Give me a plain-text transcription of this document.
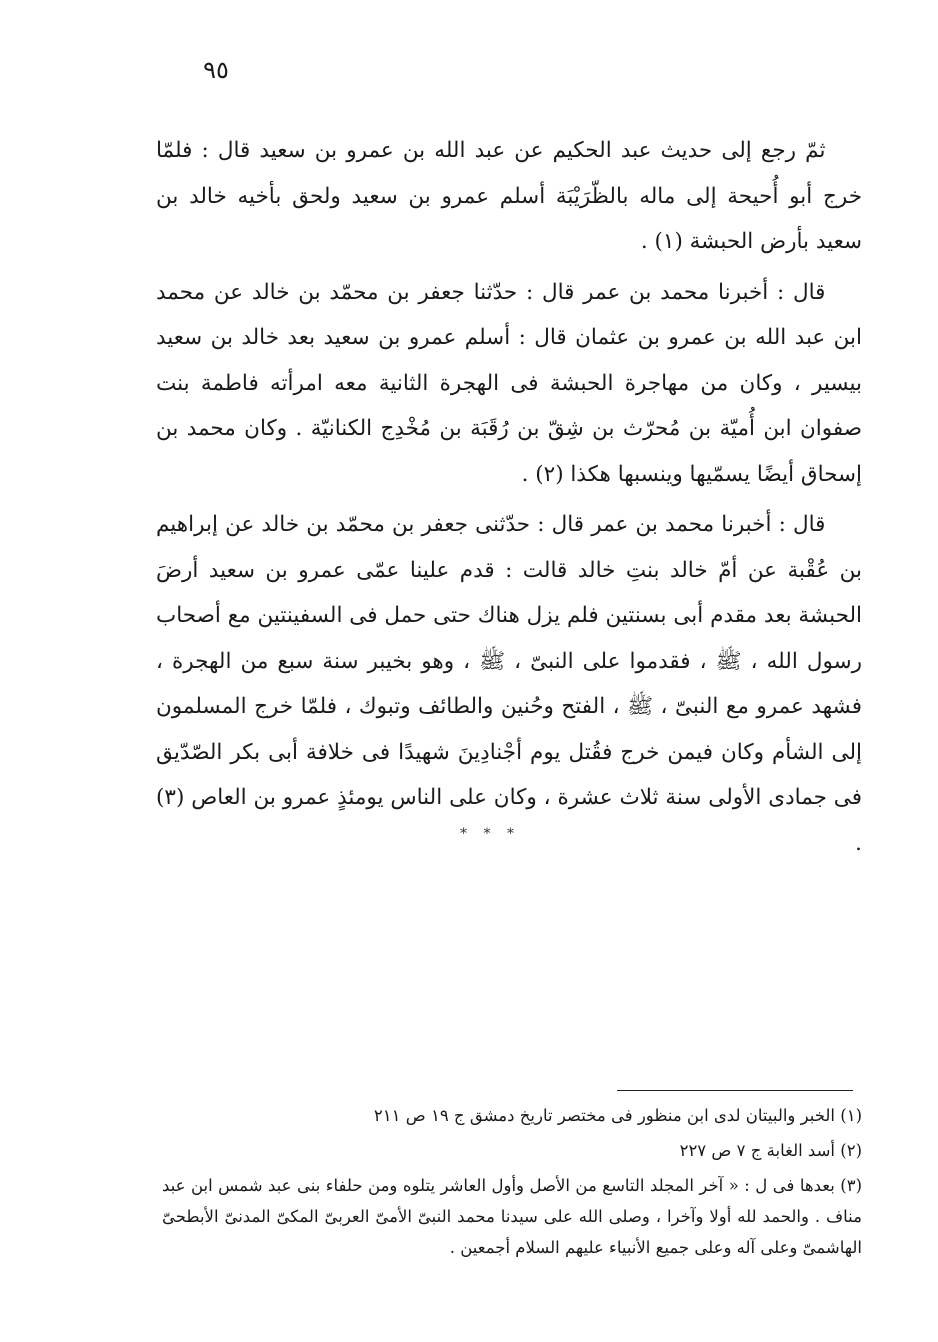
٩٥

ثمّ رجع إلى حديث عبد الحكيم عن عبد الله بن عمرو بن سعيد قال : فلمّا خرج أبو أُحيحة إلى ماله بالظّرَيْبَة أسلم عمرو بن سعيد ولحق بأخيه خالد بن سعيد بأرض الحبشة (١) .

قال : أخبرنا محمد بن عمر قال : حدّثنا جعفر بن محمّد بن خالد عن محمد ابن عبد الله بن عمرو بن عثمان قال : أسلم عمرو بن سعيد بعد خالد بن سعيد بيسير ، وكان من مهاجرة الحبشة فى الهجرة الثانية معه امرأته فاطمة بنت صفوان ابن أُميّة بن مُحرّث بن شِقّ بن رُقَبَة بن مُخْدِج الكنانيّة . وكان محمد بن إسحاق أيضًا يسمّيها وينسبها هكذا (٢) .

قال : أخبرنا محمد بن عمر قال : حدّثنى جعفر بن محمّد بن خالد عن إبراهيم بن عُقْبة عن أمّ خالد بنتِ خالد قالت : قدم علينا عمّى عمرو بن سعيد أرضَ الحبشة بعد مقدم أبى بسنتين فلم يزل هناك حتى حمل فى السفينتين مع أصحاب رسول الله ، ﷺ ، فقدموا على النبىّ ، ﷺ ، وهو بخيبر سنة سبع من الهجرة ، فشهد عمرو مع النبىّ ، ﷺ ، الفتح وحُنين والطائف وتبوك ، فلمّا خرج المسلمون إلى الشأم وكان فيمن خرج فقُتل يوم أجْنادِينَ شهيدًا فى خلافة أبى بكر الصّدّيق فى جمادى الأولى سنة ثلاث عشرة ، وكان على الناس يومئذٍ عمرو بن العاص (٣) .

* * *

(١) الخبر والبيتان لدى ابن منظور فى مختصر تاريخ دمشق ج ١٩ ص ٢١١

(٢) أسد الغابة ج ٧ ص ٢٢٧

(٣) بعدها فى ل : « آخر المجلد التاسع من الأصل وأول العاشر يتلوه ومن حلفاء بنى عبد شمس ابن عبد مناف . والحمد لله أولا وآخرا ، وصلى الله على سيدنا محمد النبىّ الأمىّ العربىّ المكىّ المدنىّ الأبطحىّ الهاشمىّ وعلى آله وعلى جميع الأنبياء عليهم السلام أجمعين .
